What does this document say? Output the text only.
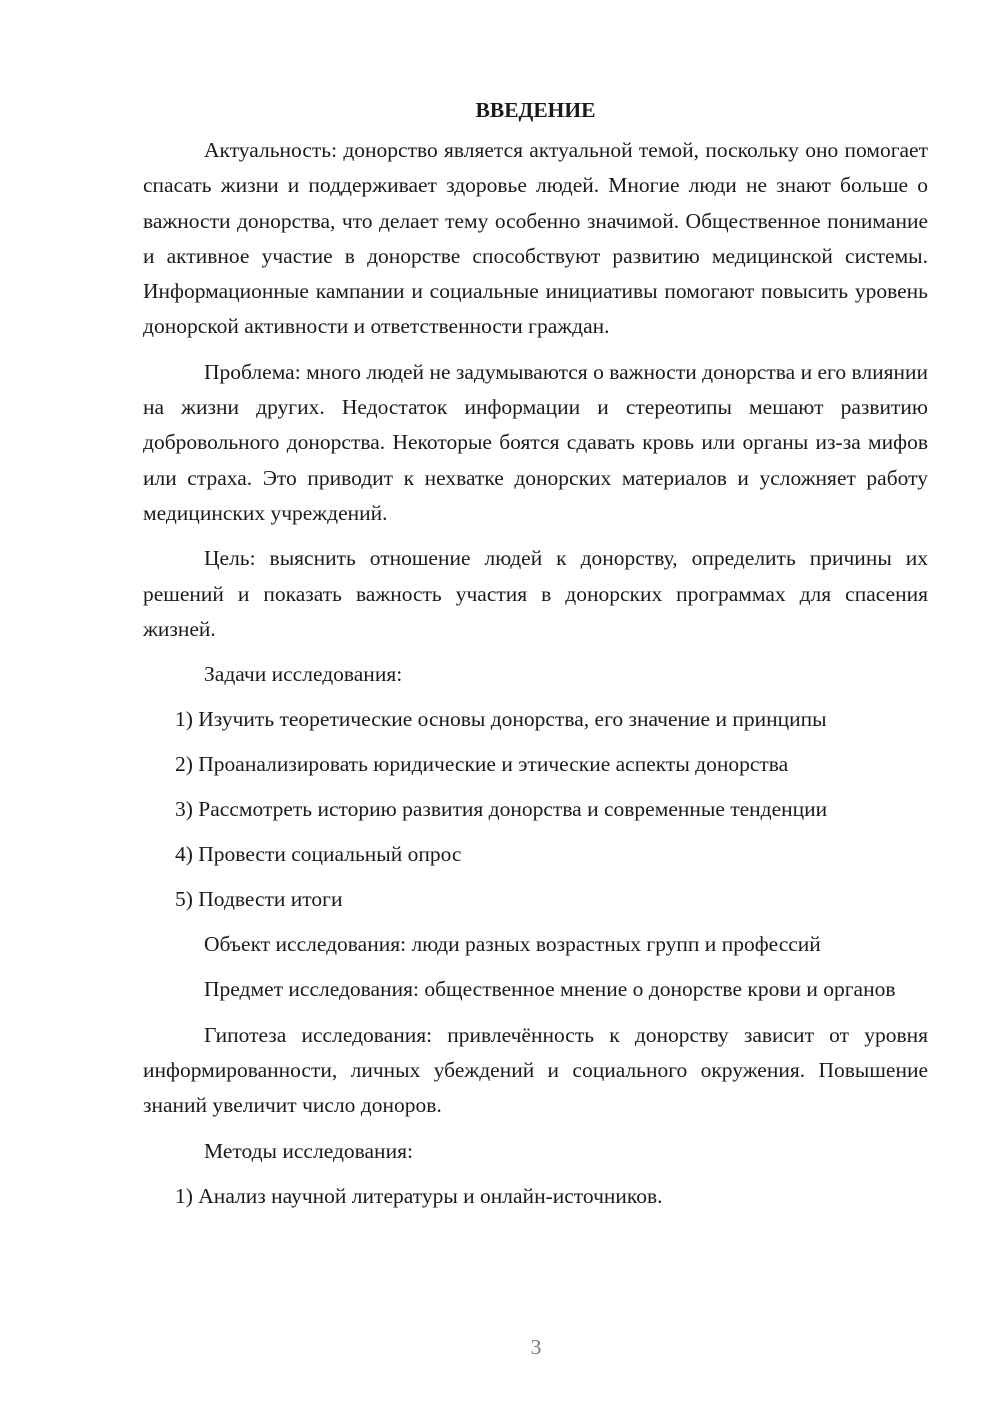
ВВЕДЕНИЕ

Актуальность: донорство является актуальной темой, поскольку оно помогает спасать жизни и поддерживает здоровье людей. Многие люди не знают больше о важности донорства, что делает тему особенно значимой. Общественное понимание и активное участие в донорстве способствуют развитию медицинской системы. Информационные кампании и социальные инициативы помогают повысить уровень донорской активности и ответственности граждан.

Проблема: много людей не задумываются о важности донорства и его влиянии на жизни других. Недостаток информации и стереотипы мешают развитию добровольного донорства. Некоторые боятся сдавать кровь или органы из-за мифов или страха. Это приводит к нехватке донорских материалов и усложняет работу медицинских учреждений.

Цель: выяснить отношение людей к донорству, определить причины их решений и показать важность участия в донорских программах для спасения жизней.

Задачи исследования:
1) Изучить теоретические основы донорства, его значение и принципы
2) Проанализировать юридические и этические аспекты донорства
3) Рассмотреть историю развития донорства и современные тенденции
4) Провести социальный опрос
5) Подвести итоги

Объект исследования: люди разных возрастных групп и профессий

Предмет исследования: общественное мнение о донорстве крови и органов

Гипотеза исследования: привлечённость к донорству зависит от уровня информированности, личных убеждений и социального окружения. Повышение знаний увеличит число доноров.

Методы исследования:
1) Анализ научной литературы и онлайн-источников.
3
